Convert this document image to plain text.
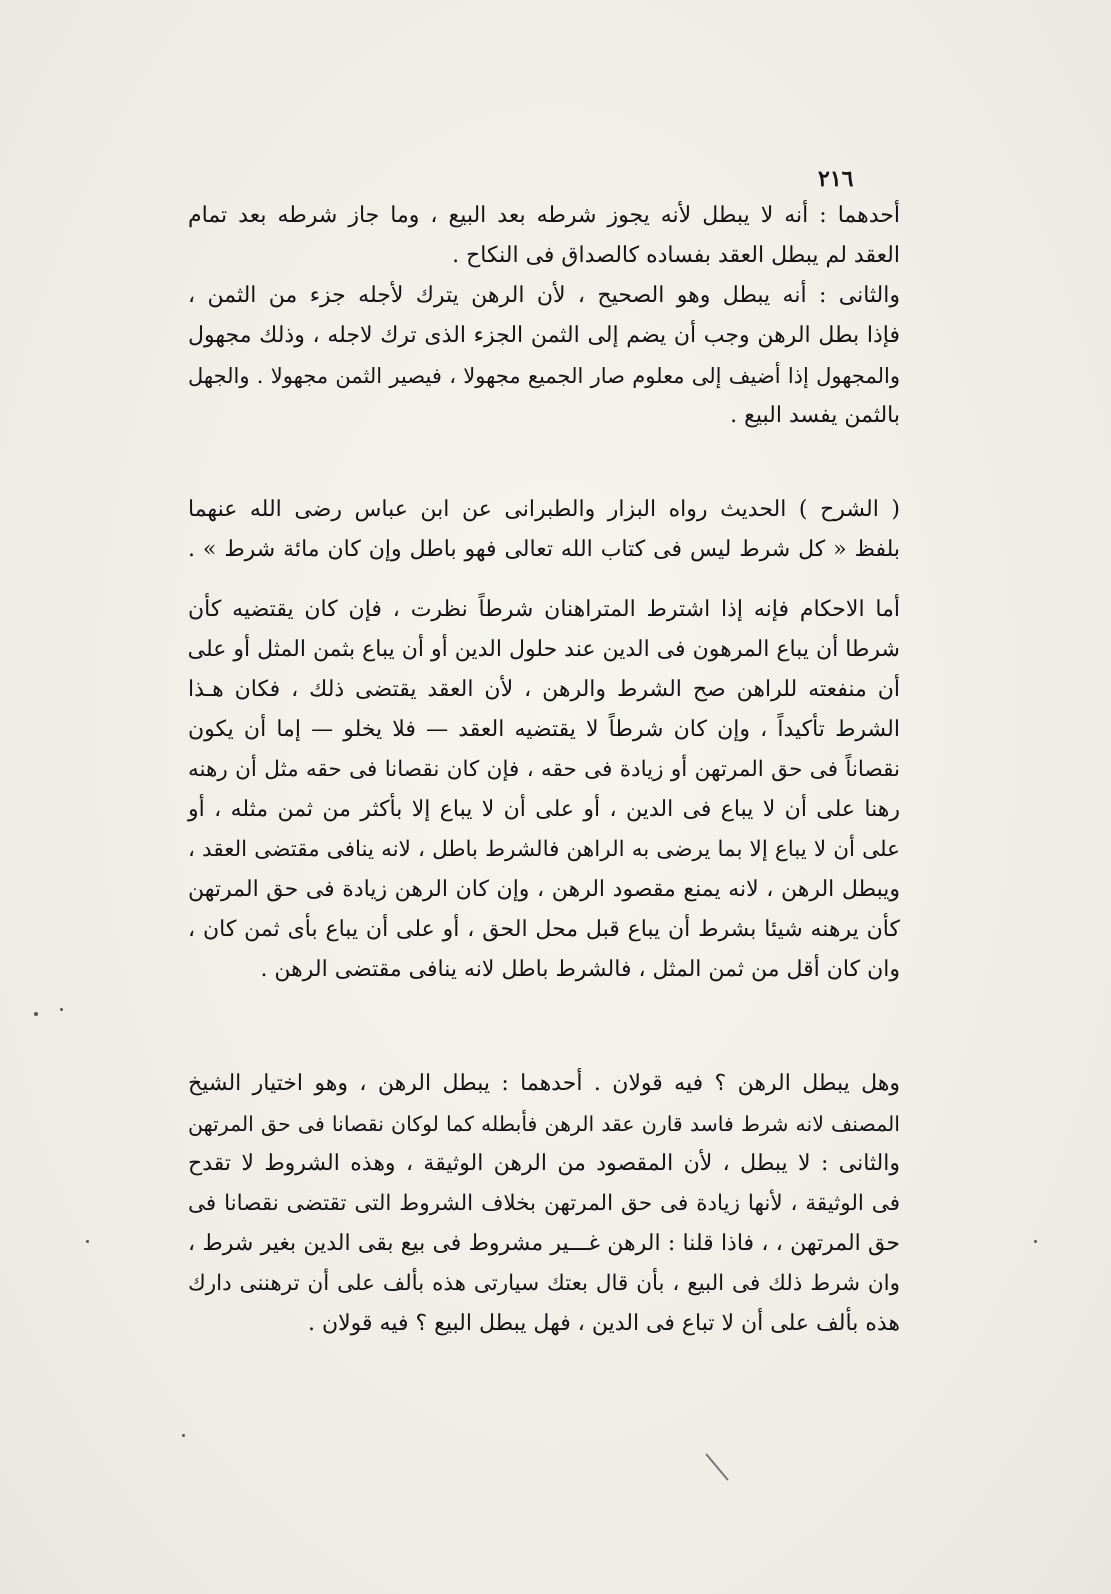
٢١٦
أحدهما : أنه لا يبطل لأنه يجوز شرطه بعد البيع ، وما جاز شرطه بعد تمام
العقد لم يبطل العقد بفساده كالصداق فى النكاح .
والثانى : أنه يبطل وهو الصحيح ، لأن الرهن يترك لأجله جزء من الثمن ،
فإذا بطل الرهن وجب أن يضم إلى الثمن الجزء الذى ترك لاجله ، وذلك مجهول
والمجهول إذا أضيف إلى معلوم صار الجميع مجهولا ، فيصير الثمن مجهولا . والجهل
بالثمن يفسد البيع .
( الشرح ) الحديث رواه البزار والطبرانى عن ابن عباس رضى الله عنهما
بلفظ « كل شرط ليس فى كتاب الله تعالى فهو باطل وإن كان مائة شرط » .
أما الاحكام فإنه إذا اشترط المتراهنان شرطاً نظرت ، فإن كان يقتضيه كأن
شرطا أن يباع المرهون فى الدين عند حلول الدين أو أن يباع بثمن المثل أو على
أن منفعته للراهن صح الشرط والرهن ، لأن العقد يقتضى ذلك ، فكان هـذا
الشرط تأكيداً ، وإن كان شرطاً لا يقتضيه العقد — فلا يخلو — إما أن يكون
نقصاناً فى حق المرتهن أو زيادة فى حقه ، فإن كان نقصانا فى حقه مثل أن رهنه
رهنا على أن لا يباع فى الدين ، أو على أن لا يباع إلا بأكثر من ثمن مثله ، أو
على أن لا يباع إلا بما يرضى به الراهن فالشرط باطل ، لانه ينافى مقتضى العقد ،
ويبطل الرهن ، لانه يمنع مقصود الرهن ، وإن كان الرهن زيادة فى حق المرتهن
كأن يرهنه شيئا بشرط أن يباع قبل محل الحق ، أو على أن يباع بأى ثمن كان ،
وان كان أقل من ثمن المثل ، فالشرط باطل لانه ينافى مقتضى الرهن .
وهل يبطل الرهن ؟ فيه قولان . أحدهما : يبطل الرهن ، وهو اختيار الشيخ
المصنف لانه شرط فاسد قارن عقد الرهن فأبطله كما لوكان نقصانا فى حق المرتهن
والثانى : لا يبطل ، لأن المقصود من الرهن الوثيقة ، وهذه الشروط لا تقدح
فى الوثيقة ، لأنها زيادة فى حق المرتهن بخلاف الشروط التى تقتضى نقصانا فى
حق المرتهن ، ، فاذا قلنا : الرهن غـــير مشروط فى بيع بقى الدين بغير شرط ،
وان شرط ذلك فى البيع ، بأن قال بعتك سيارتى هذه بألف على أن ترهننى دارك
هذه بألف على أن لا تباع فى الدين ، فهل يبطل البيع ؟ فيه قولان .
